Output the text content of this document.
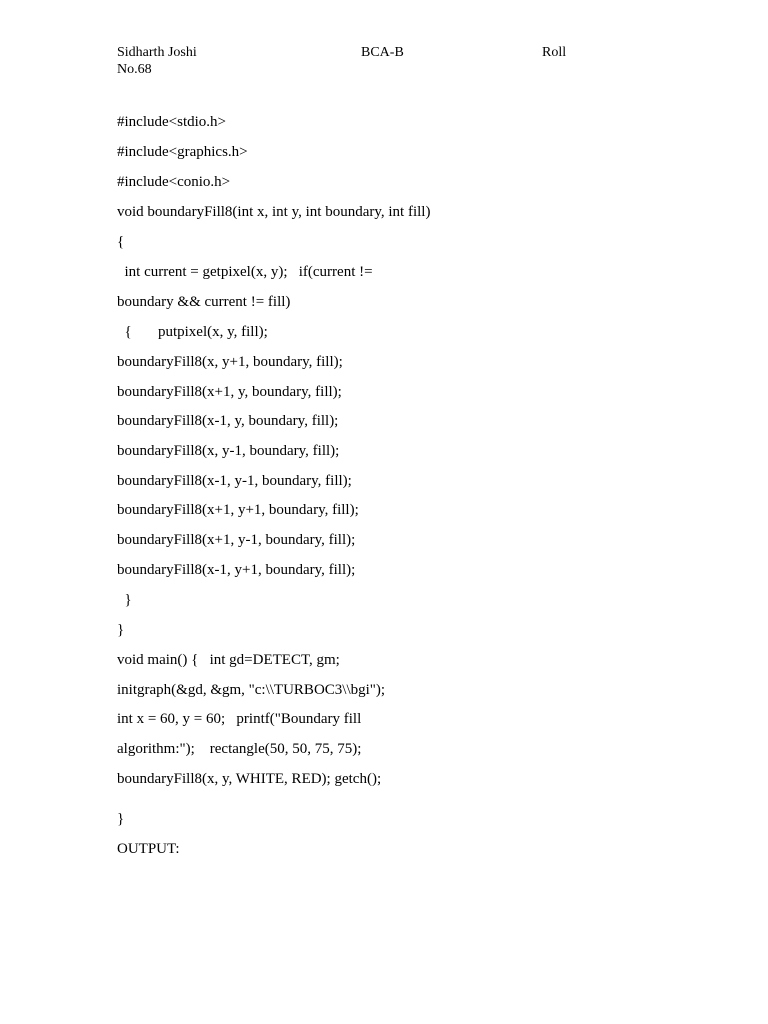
Sidharth Joshi	BCA-B	Roll
No.68
#include<stdio.h>
#include<graphics.h>
#include<conio.h>
void boundaryFill8(int x, int y, int boundary, int fill)
{
int current = getpixel(x, y);   if(current !=
boundary && current != fill)
{       putpixel(x, y, fill);
boundaryFill8(x, y+1, boundary, fill);
boundaryFill8(x+1, y, boundary, fill);
boundaryFill8(x-1, y, boundary, fill);
boundaryFill8(x, y-1, boundary, fill);
boundaryFill8(x-1, y-1, boundary, fill);
boundaryFill8(x+1, y+1, boundary, fill);
boundaryFill8(x+1, y-1, boundary, fill);
boundaryFill8(x-1, y+1, boundary, fill);
}
}
void main() {   int gd=DETECT, gm;
initgraph(&gd, &gm, "c:\\TURBOC3\\bgi");
int x = 60, y = 60;   printf("Boundary fill
algorithm:");    rectangle(50, 50, 75, 75);
boundaryFill8(x, y, WHITE, RED); getch();
}
OUTPUT:
